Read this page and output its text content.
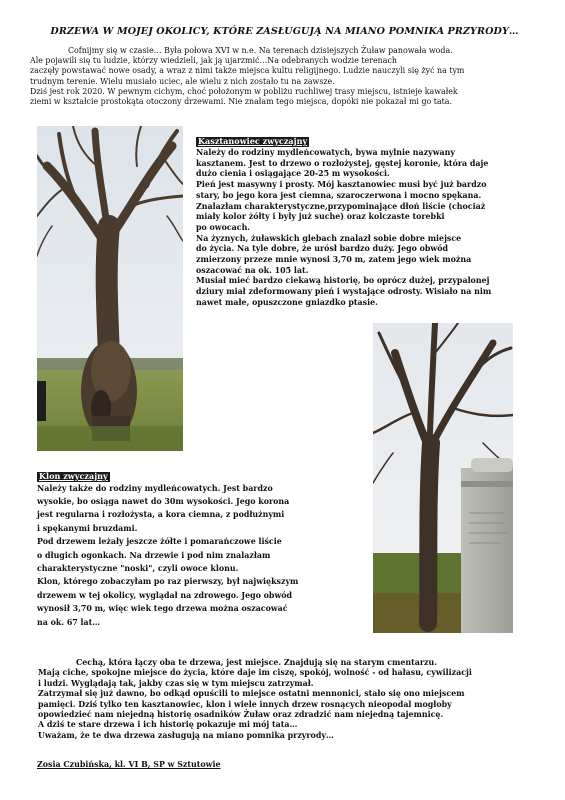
DRZEWA W MOJEJ OKOLICY, KTÓRE ZASŁUGUJĄ NA MIANO POMNIKA PRZYRODY…

Cofnijmy się w czasie… Była połowa XVI w n.e. Na terenach dzisiejszych Żuław panowała woda.

Ale pojawili się tu ludzie, którzy wiedzieli, jak ją ujarzmić…Na odebranych wodzie terenach

zaczęły powstawać nowe osady, a wraz z nimi także miejsca kultu religijnego. Ludzie nauczyli się żyć na tym

trudnym terenie. Wielu musiało uciec, ale wielu z nich zostało tu na zawsze.

Dziś jest rok 2020. W pewnym cichym, choć położonym w pobliżu ruchliwej trasy miejscu, istnieje kawałek

ziemi w kształcie prostokąta otoczony drzewami. Nie znałam tego miejsca, dopóki nie pokazał mi go tata.

Kasztanowiec zwyczajny

Należy do rodziny mydleńcowatych, bywa mylnie nazywany

kasztanem. Jest to drzewo o rozłożystej, gęstej koronie, która daje

dużo cienia i osiągające 20-25 m wysokości.

Pień jest masywny i prosty. Mój kasztanowiec musi być już bardzo

stary, bo jego kora jest ciemna, szaroczerwona i mocno spękana.

Znalazłam charakterystyczne,przypominające dłoń liście (chociaż

miały kolor żółty i były już suche) oraz kolczaste torebki

po owocach.

Na żyznych, żuławskich glebach znalazł sobie dobre miejsce

do życia. Na tyle dobre, że urósł bardzo duży. Jego obwód

zmierzony przeze mnie wynosi 3,70 m, zatem jego wiek można

oszacować na ok. 105 lat.

Musiał mieć bardzo ciekawą historię, bo oprócz dużej, przypalonej

dziury miał zdeformowany pień i wystające odrosty. Wisiało na nim

nawet małe, opuszczone gniazdko ptasie.

Klon zwyczajny

Należy także do rodziny mydleńcowatych. Jest bardzo

wysokie, bo osiąga nawet do 30m wysokości. Jego korona

jest regularna i rozłożysta, a kora ciemna, z podłużnymi

i spękanymi bruzdami.

Pod drzewem leżały jeszcze żółte i pomarańczowe liście

o długich ogonkach. Na drzewie i pod nim znalazłam

charakterystyczne "noski", czyli owoce klonu.

Klon, którego zobaczyłam po raz pierwszy, był największym

drzewem w tej okolicy, wyglądał na zdrowego. Jego obwód

wynosił 3,70 m, więc wiek tego drzewa można oszacować

na ok. 67 lat…

Cechą, która łączy oba te drzewa, jest miejsce. Znajdują się na starym cmentarzu.

Mają ciche, spokojne miejsce do życia, które daje im ciszę, spokój, wolność - od hałasu, cywilizacji

i ludzi. Wyglądają tak, jakby czas się w tym miejscu zatrzymał.

Zatrzymał się już dawno, bo odkąd opuścili to miejsce ostatni mennonici, stało się ono miejscem

pamięci. Dziś tylko ten kasztanowiec, klon i wiele innych drzew rosnących nieopodal mogłoby

opowiedzieć nam niejedną historię osadników Żuław oraz zdradzić nam niejedną tajemnicę.

A dziś te stare drzewa i ich historię pokazuje mi mój tata…

Uważam, że te dwa drzewa zasługują na miano pomnika przyrody…

Zosia Czubińska, kl. VI B, SP w Sztutowie
